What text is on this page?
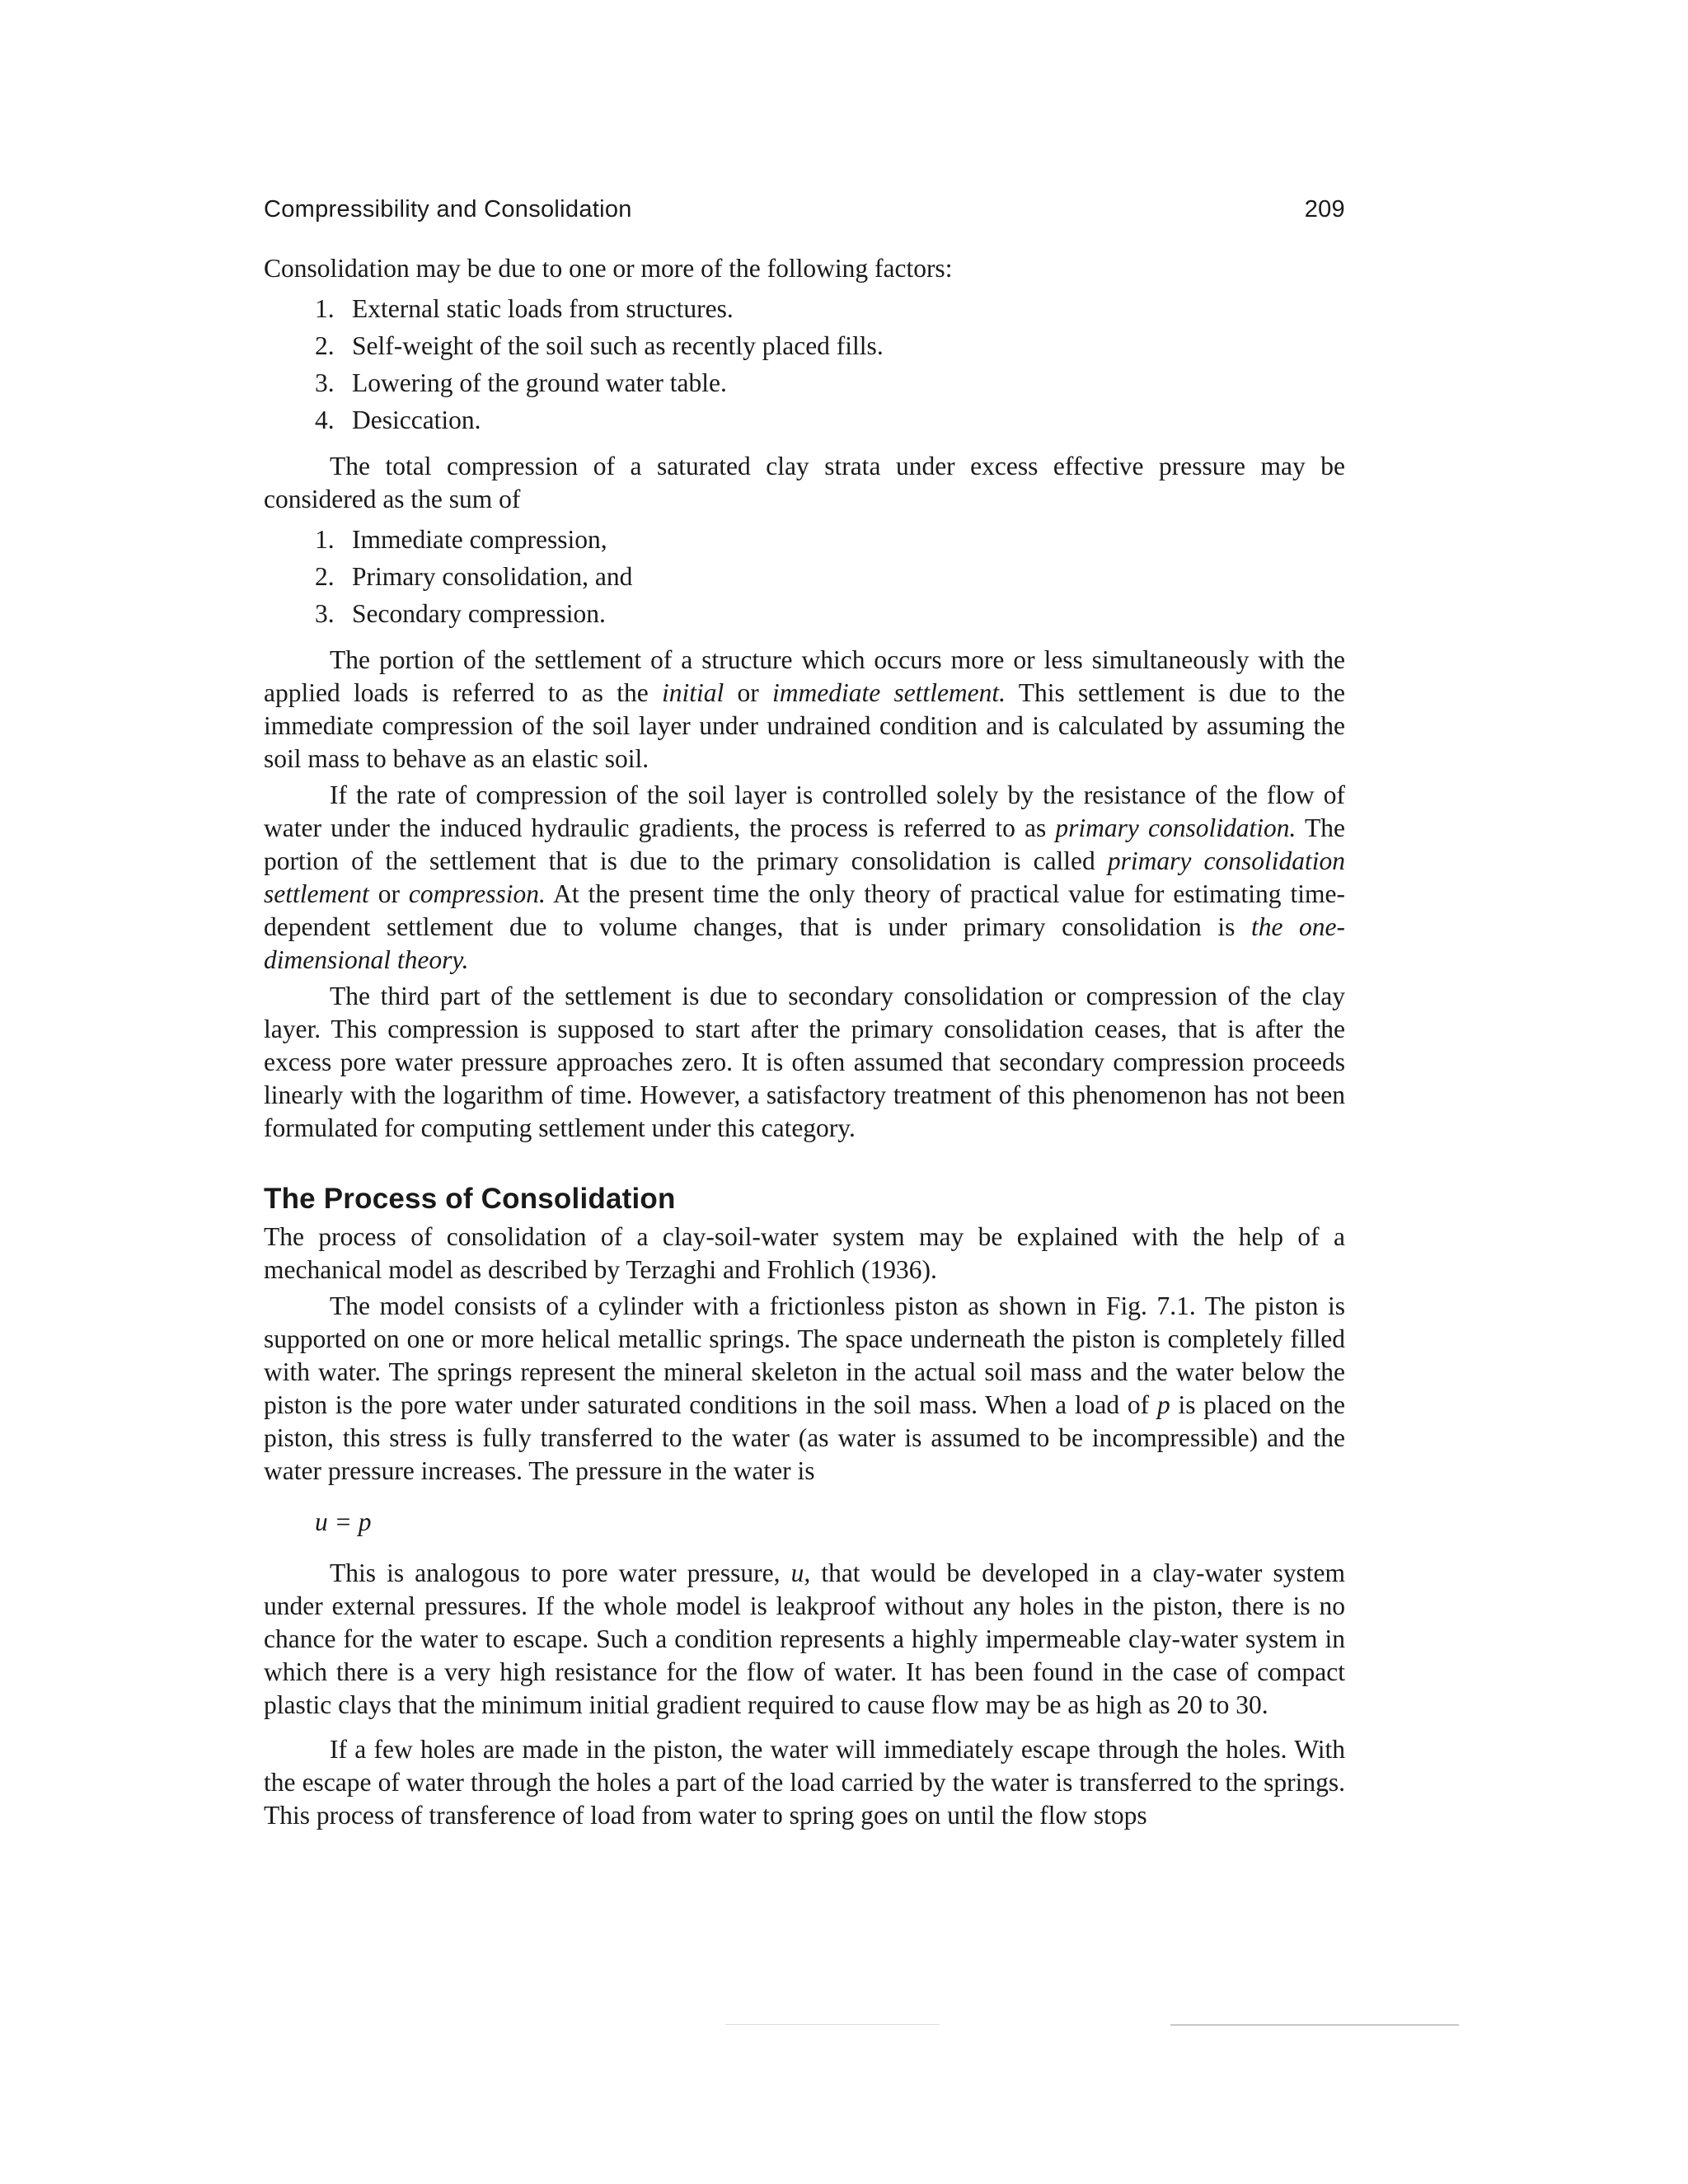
Compressibility and Consolidation	209

Consolidation may be due to one or more of the following factors:

1. External static loads from structures.
2. Self-weight of the soil such as recently placed fills.
3. Lowering of the ground water table.
4. Desiccation.

The total compression of a saturated clay strata under excess effective pressure may be considered as the sum of

1. Immediate compression,
2. Primary consolidation, and
3. Secondary compression.

The portion of the settlement of a structure which occurs more or less simultaneously with the applied loads is referred to as the initial or immediate settlement. This settlement is due to the immediate compression of the soil layer under undrained condition and is calculated by assuming the soil mass to behave as an elastic soil.

If the rate of compression of the soil layer is controlled solely by the resistance of the flow of water under the induced hydraulic gradients, the process is referred to as primary consolidation. The portion of the settlement that is due to the primary consolidation is called primary consolidation settlement or compression. At the present time the only theory of practical value for estimating time-dependent settlement due to volume changes, that is under primary consolidation is the one-dimensional theory.

The third part of the settlement is due to secondary consolidation or compression of the clay layer. This compression is supposed to start after the primary consolidation ceases, that is after the excess pore water pressure approaches zero. It is often assumed that secondary compression proceeds linearly with the logarithm of time. However, a satisfactory treatment of this phenomenon has not been formulated for computing settlement under this category.

The Process of Consolidation

The process of consolidation of a clay-soil-water system may be explained with the help of a mechanical model as described by Terzaghi and Frohlich (1936).

The model consists of a cylinder with a frictionless piston as shown in Fig. 7.1. The piston is supported on one or more helical metallic springs. The space underneath the piston is completely filled with water. The springs represent the mineral skeleton in the actual soil mass and the water below the piston is the pore water under saturated conditions in the soil mass. When a load of p is placed on the piston, this stress is fully transferred to the water (as water is assumed to be incompressible) and the water pressure increases. The pressure in the water is

u = p

This is analogous to pore water pressure, u, that would be developed in a clay-water system under external pressures. If the whole model is leakproof without any holes in the piston, there is no chance for the water to escape. Such a condition represents a highly impermeable clay-water system in which there is a very high resistance for the flow of water. It has been found in the case of compact plastic clays that the minimum initial gradient required to cause flow may be as high as 20 to 30.

If a few holes are made in the piston, the water will immediately escape through the holes. With the escape of water through the holes a part of the load carried by the water is transferred to the springs. This process of transference of load from water to spring goes on until the flow stops
